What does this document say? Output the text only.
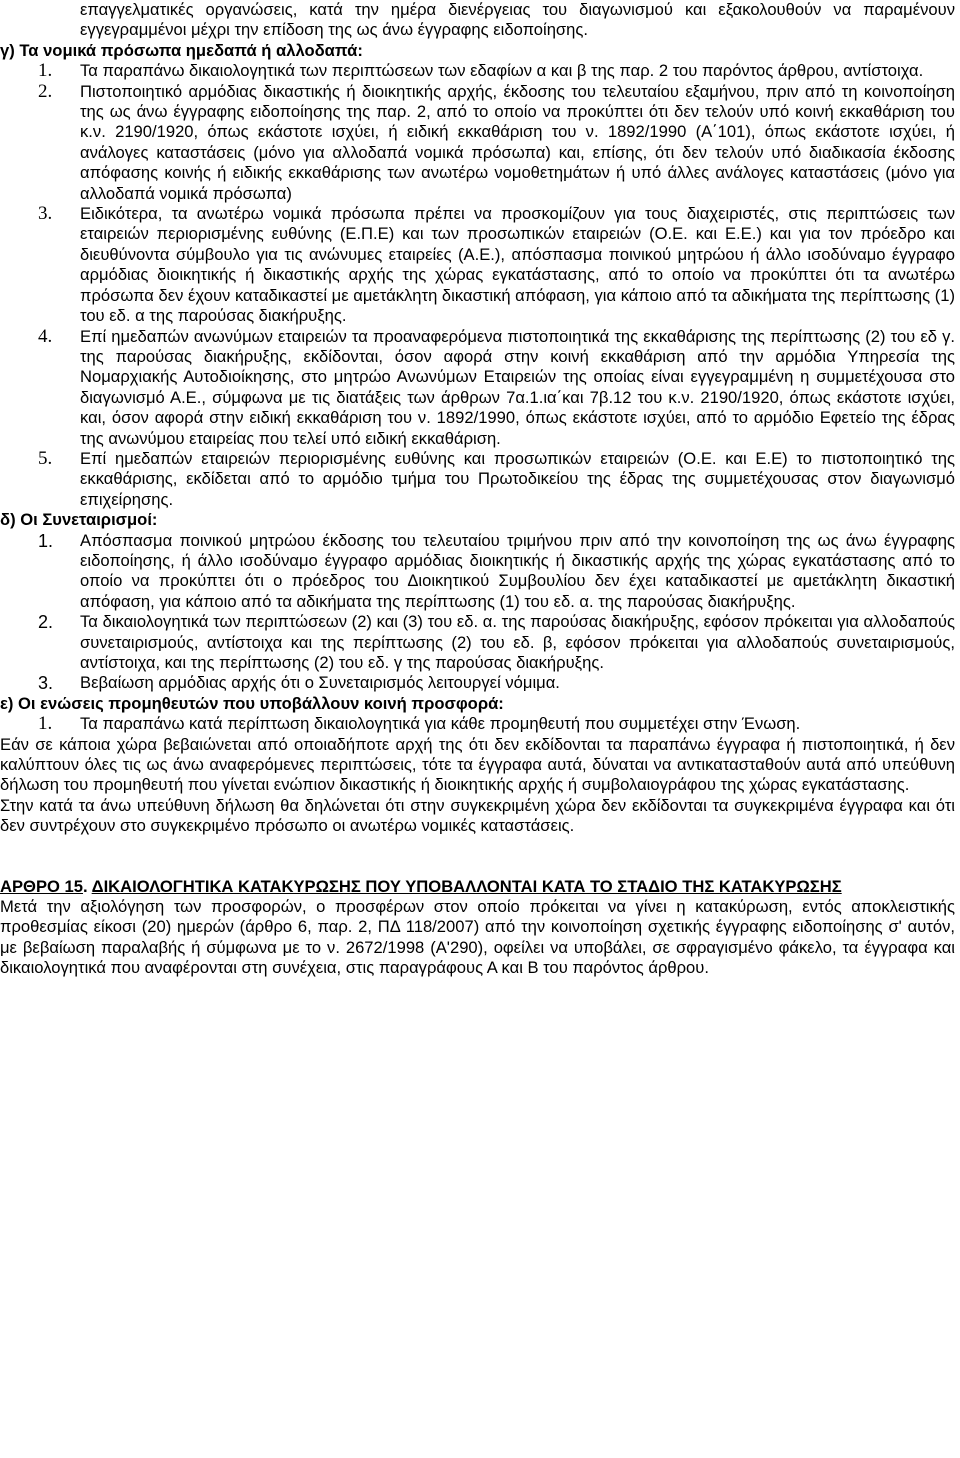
επαγγελματικές οργανώσεις, κατά την ημέρα διενέργειας του διαγωνισμού και εξακολουθούν να παραμένουν εγγεγραμμένοι μέχρι την επίδοση της ως άνω έγγραφης ειδοποίησης.

γ) Τα νομικά πρόσωπα ημεδαπά ή αλλοδαπά:

1. Τα παραπάνω δικαιολογητικά των περιπτώσεων των εδαφίων α και β της παρ. 2 του παρόντος άρθρου, αντίστοιχα.

2. Πιστοποιητικό αρμόδιας δικαστικής ή διοικητικής αρχής, έκδοσης του τελευταίου εξαμήνου, πριν από τη κοινοποίηση της ως άνω έγγραφης ειδοποίησης της παρ. 2, από το οποίο να προκύπτει ότι δεν τελούν υπό κοινή εκκαθάριση του κ.ν. 2190/1920, όπως εκάστοτε ισχύει, ή ειδική εκκαθάριση του ν. 1892/1990 (Α΄101), όπως εκάστοτε ισχύει, ή ανάλογες καταστάσεις (μόνο για αλλοδαπά νομικά πρόσωπα) και, επίσης, ότι δεν τελούν υπό διαδικασία έκδοσης απόφασης κοινής ή ειδικής εκκαθάρισης των ανωτέρω νομοθετημάτων ή υπό άλλες ανάλογες καταστάσεις (μόνο για αλλοδαπά νομικά πρόσωπα)

3. Ειδικότερα, τα ανωτέρω νομικά πρόσωπα πρέπει να προσκομίζουν για τους διαχειριστές, στις περιπτώσεις των εταιρειών περιορισμένης ευθύνης (Ε.Π.Ε) και των προσωπικών εταιρειών (Ο.Ε. και Ε.Ε.) και για τον πρόεδρο και διευθύνοντα σύμβουλο για τις ανώνυμες εταιρείες (Α.Ε.), απόσπασμα ποινικού μητρώου ή άλλο ισοδύναμο έγγραφο αρμόδιας διοικητικής ή δικαστικής αρχής της χώρας εγκατάστασης, από το οποίο να προκύπτει ότι τα ανωτέρω πρόσωπα δεν έχουν καταδικαστεί με αμετάκλητη δικαστική απόφαση, για κάποιο από τα αδικήματα της περίπτωσης (1) του εδ. α της παρούσας διακήρυξης.

4. Επί ημεδαπών ανωνύμων εταιρειών τα προαναφερόμενα πιστοποιητικά της εκκαθάρισης της περίπτωσης (2) του εδ γ. της παρούσας διακήρυξης, εκδίδονται, όσον αφορά στην κοινή εκκαθάριση από την αρμόδια Υπηρεσία της Νομαρχιακής Αυτοδιοίκησης, στο μητρώο Ανωνύμων Εταιρειών της οποίας είναι εγγεγραμμένη η συμμετέχουσα στο διαγωνισμό Α.Ε., σύμφωνα με τις διατάξεις των άρθρων 7α.1.ια΄και 7β.12 του κ.ν. 2190/1920, όπως εκάστοτε ισχύει, και, όσον αφορά στην ειδική εκκαθάριση του ν. 1892/1990, όπως εκάστοτε ισχύει, από το αρμόδιο Εφετείο της έδρας της ανωνύμου εταιρείας που τελεί υπό ειδική εκκαθάριση.

5. Επί ημεδαπών εταιρειών περιορισμένης ευθύνης και προσωπικών εταιρειών (Ο.Ε. και Ε.Ε) το πιστοποιητικό της εκκαθάρισης, εκδίδεται από το αρμόδιο τμήμα του Πρωτοδικείου της έδρας της συμμετέχουσας στον διαγωνισμό επιχείρησης.

δ) Οι Συνεταιρισμοί:

1. Απόσπασμα ποινικού μητρώου έκδοσης του τελευταίου τριμήνου πριν από την κοινοποίηση της ως άνω έγγραφης ειδοποίησης, ή άλλο ισοδύναμο έγγραφο αρμόδιας διοικητικής ή δικαστικής αρχής της χώρας εγκατάστασης από το οποίο να προκύπτει ότι ο πρόεδρος του Διοικητικού Συμβουλίου δεν έχει καταδικαστεί με αμετάκλητη δικαστική απόφαση, για κάποιο από τα αδικήματα της περίπτωσης (1) του εδ. α. της παρούσας διακήρυξης.

2. Τα δικαιολογητικά των περιπτώσεων (2) και (3) του εδ. α. της παρούσας διακήρυξης, εφόσον πρόκειται για αλλοδαπούς συνεταιρισμούς, αντίστοιχα και της περίπτωσης (2) του εδ. β, εφόσον πρόκειται για αλλοδαπούς συνεταιρισμούς, αντίστοιχα, και της περίπτωσης (2) του εδ. γ της παρούσας διακήρυξης.

3. Βεβαίωση αρμόδιας αρχής ότι ο Συνεταιρισμός λειτουργεί νόμιμα.

ε) Οι ενώσεις προμηθευτών που υποβάλλουν κοινή προσφορά:

1. Τα παραπάνω κατά περίπτωση δικαιολογητικά για κάθε προμηθευτή που συμμετέχει στην Ένωση.

Εάν σε κάποια χώρα βεβαιώνεται από οποιαδήποτε αρχή της ότι δεν εκδίδονται τα παραπάνω έγγραφα ή πιστοποιητικά, ή δεν καλύπτουν όλες τις ως άνω αναφερόμενες περιπτώσεις, τότε τα έγγραφα αυτά, δύναται να αντικατασταθούν αυτά από υπεύθυνη δήλωση του προμηθευτή που γίνεται ενώπιον δικαστικής ή διοικητικής αρχής ή συμβολαιογράφου της χώρας εγκατάστασης.

Στην κατά τα άνω υπεύθυνη δήλωση θα δηλώνεται ότι στην συγκεκριμένη χώρα δεν εκδίδονται τα συγκεκριμένα έγγραφα και ότι δεν συντρέχουν στο συγκεκριμένο πρόσωπο οι ανωτέρω νομικές καταστάσεις.

ΑΡΘΡΟ 15. ΔΙΚΑΙΟΛΟΓΗΤΙΚΑ ΚΑΤΑΚΥΡΩΣΗΣ ΠΟΥ ΥΠΟΒΑΛΛΟΝΤΑΙ ΚΑΤΑ ΤΟ ΣΤΑΔΙΟ ΤΗΣ ΚΑΤΑΚΥΡΩΣΗΣ

Μετά την αξιολόγηση των προσφορών, ο προσφέρων στον οποίο πρόκειται να γίνει η κατακύρωση, εντός αποκλειστικής προθεσμίας είκοσι (20) ημερών (άρθρο 6, παρ. 2, ΠΔ 118/2007) από την κοινοποίηση σχετικής έγγραφης ειδοποίησης σ' αυτόν, με βεβαίωση παραλαβής ή σύμφωνα με το ν. 2672/1998 (Α'290), οφείλει να υποβάλει, σε σφραγισμένο φάκελο, τα έγγραφα και δικαιολογητικά που αναφέρονται στη συνέχεια, στις παραγράφους Α και Β του παρόντος άρθρου.
